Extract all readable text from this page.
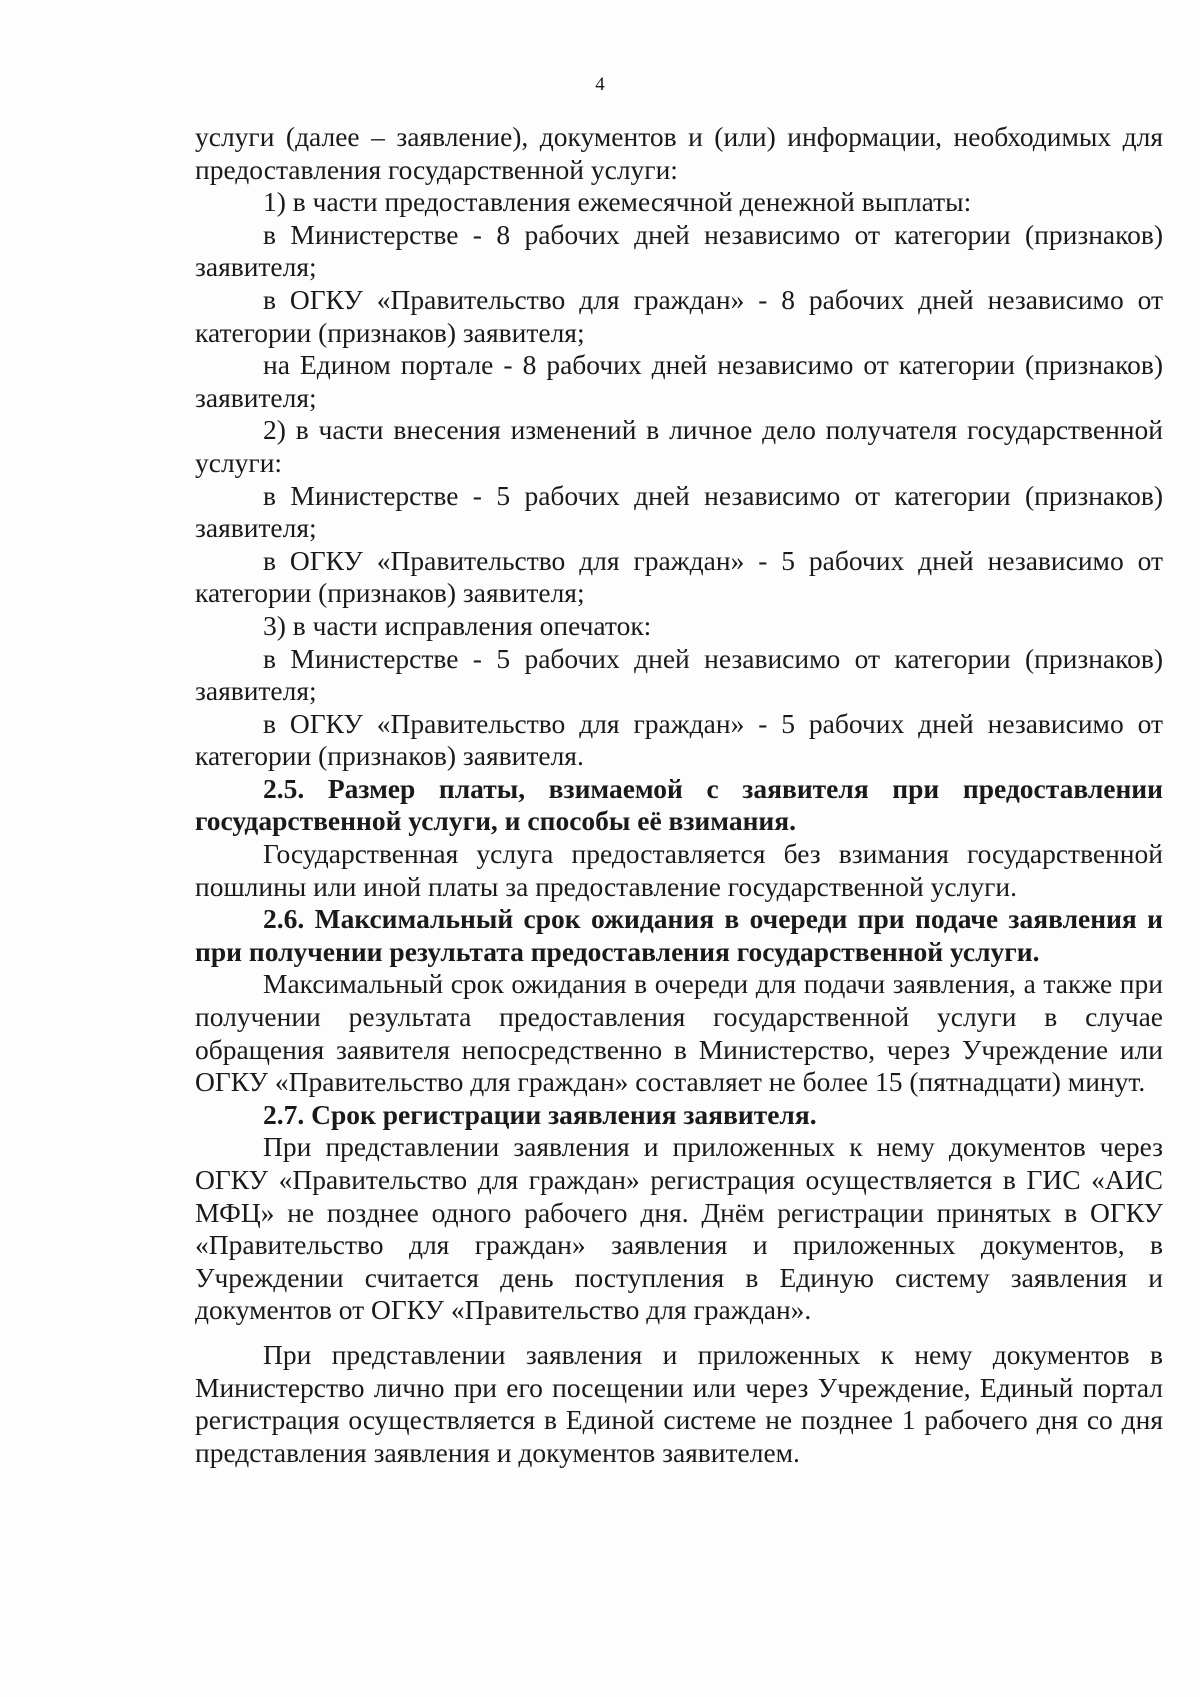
4

услуги (далее – заявление), документов и (или) информации, необходимых для предоставления государственной услуги:

1) в части предоставления ежемесячной денежной выплаты:

в Министерстве - 8 рабочих дней независимо от категории (признаков) заявителя;

в ОГКУ «Правительство для граждан» - 8 рабочих дней независимо от категории (признаков) заявителя;

на Едином портале - 8 рабочих дней независимо от категории (признаков) заявителя;

2) в части внесения изменений в личное дело получателя государственной услуги:

в Министерстве - 5 рабочих дней независимо от категории (признаков) заявителя;

в ОГКУ «Правительство для граждан» - 5 рабочих дней независимо от категории (признаков) заявителя;

3) в части исправления опечаток:

в Министерстве - 5 рабочих дней независимо от категории (признаков) заявителя;

в ОГКУ «Правительство для граждан» - 5 рабочих дней независимо от категории (признаков) заявителя.

2.5. Размер платы, взимаемой с заявителя при предоставлении государственной услуги, и способы её взимания.

Государственная услуга предоставляется без взимания государственной пошлины или иной платы за предоставление государственной услуги.

2.6. Максимальный срок ожидания в очереди при подаче заявления и при получении результата предоставления государственной услуги.

Максимальный срок ожидания в очереди для подачи заявления, а также при получении результата предоставления государственной услуги в случае обращения заявителя непосредственно в Министерство, через Учреждение или ОГКУ «Правительство для граждан» составляет не более 15 (пятнадцати) минут.

2.7. Срок регистрации заявления заявителя.

При представлении заявления и приложенных к нему документов через ОГКУ «Правительство для граждан» регистрация осуществляется в ГИС «АИС МФЦ» не позднее одного рабочего дня. Днём регистрации принятых в ОГКУ «Правительство для граждан» заявления и приложенных документов, в Учреждении считается день поступления в Единую систему заявления и документов от ОГКУ «Правительство для граждан».

При представлении заявления и приложенных к нему документов в Министерство лично при его посещении или через Учреждение, Единый портал регистрация осуществляется в Единой системе не позднее 1 рабочего дня со дня представления заявления и документов заявителем.
